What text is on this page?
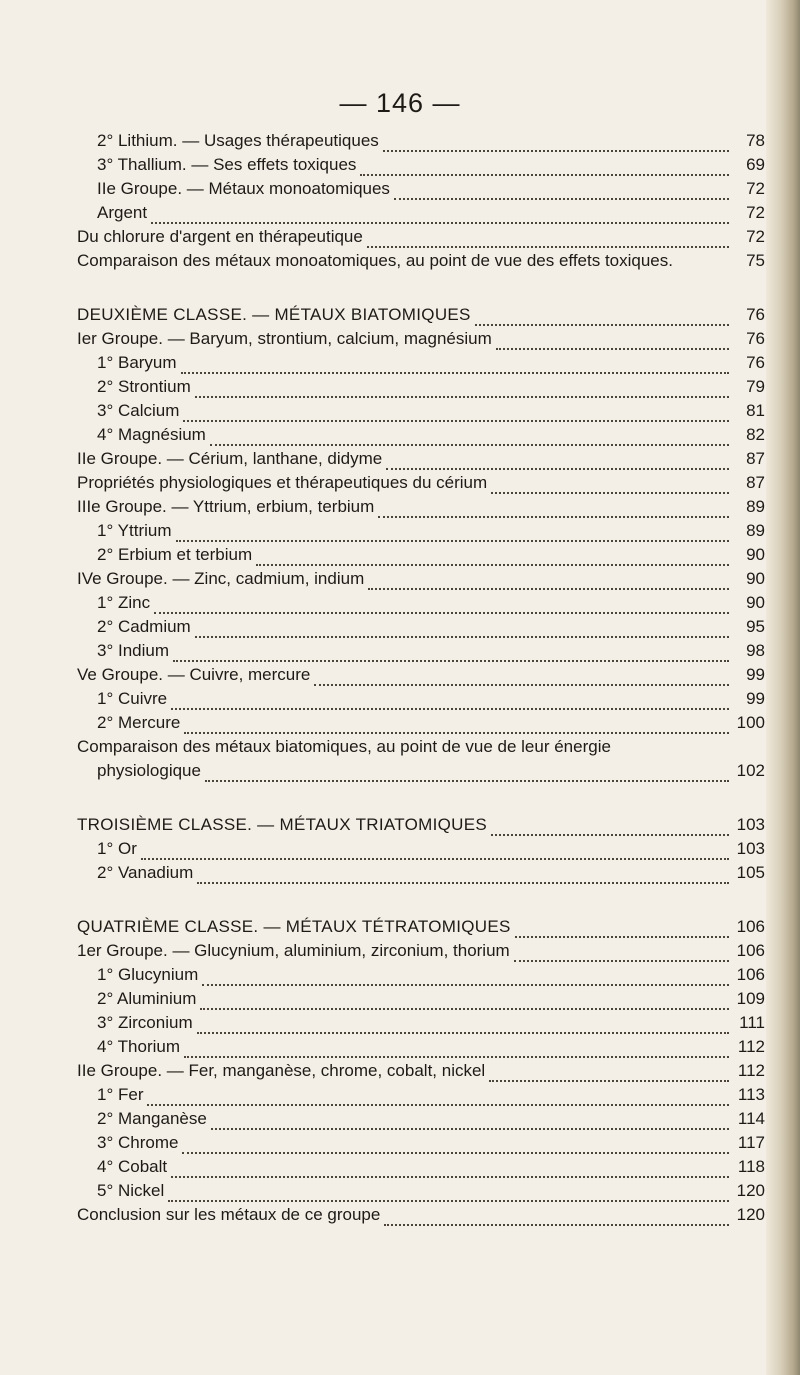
— 146 —
2° Lithium. — Usages thérapeutiques	78
3° Thallium. — Ses effets toxiques	69
IIe Groupe. — Métaux monoatomiques	72
Argent	72
Du chlorure d'argent en thérapeutique	72
Comparaison des métaux monoatomiques, au point de vue des effets toxiques.	75
DEUXIÈME CLASSE. — MÉTAUX BIATOMIQUES	76
Ier Groupe. — Baryum, strontium, calcium, magnésium	76
1° Baryum	76
2° Strontium	79
3° Calcium	81
4° Magnésium	82
IIe Groupe. — Cérium, lanthane, didyme	87
Propriétés physiologiques et thérapeutiques du cérium	87
IIIe Groupe. — Yttrium, erbium, terbium	89
1° Yttrium	89
2° Erbium et terbium	90
IVe Groupe. — Zinc, cadmium, indium	90
1° Zinc	90
2° Cadmium	95
3° Indium	98
Ve Groupe. — Cuivre, mercure	99
1° Cuivre	99
2° Mercure	100
Comparaison des métaux biatomiques, au point de vue de leur énergie
physiologique	102
TROISIÈME CLASSE. — MÉTAUX TRIATOMIQUES	103
1° Or	103
2° Vanadium	105
QUATRIÈME CLASSE. — MÉTAUX TÉTRATOMIQUES	106
1er Groupe. — Glucynium, aluminium, zirconium, thorium	106
1° Glucynium	106
2° Aluminium	109
3° Zirconium	111
4° Thorium	112
IIe Groupe. — Fer, manganèse, chrome, cobalt, nickel	112
1° Fer	113
2° Manganèse	114
3° Chrome	117
4° Cobalt	118
5° Nickel	120
Conclusion sur les métaux de ce groupe	120
